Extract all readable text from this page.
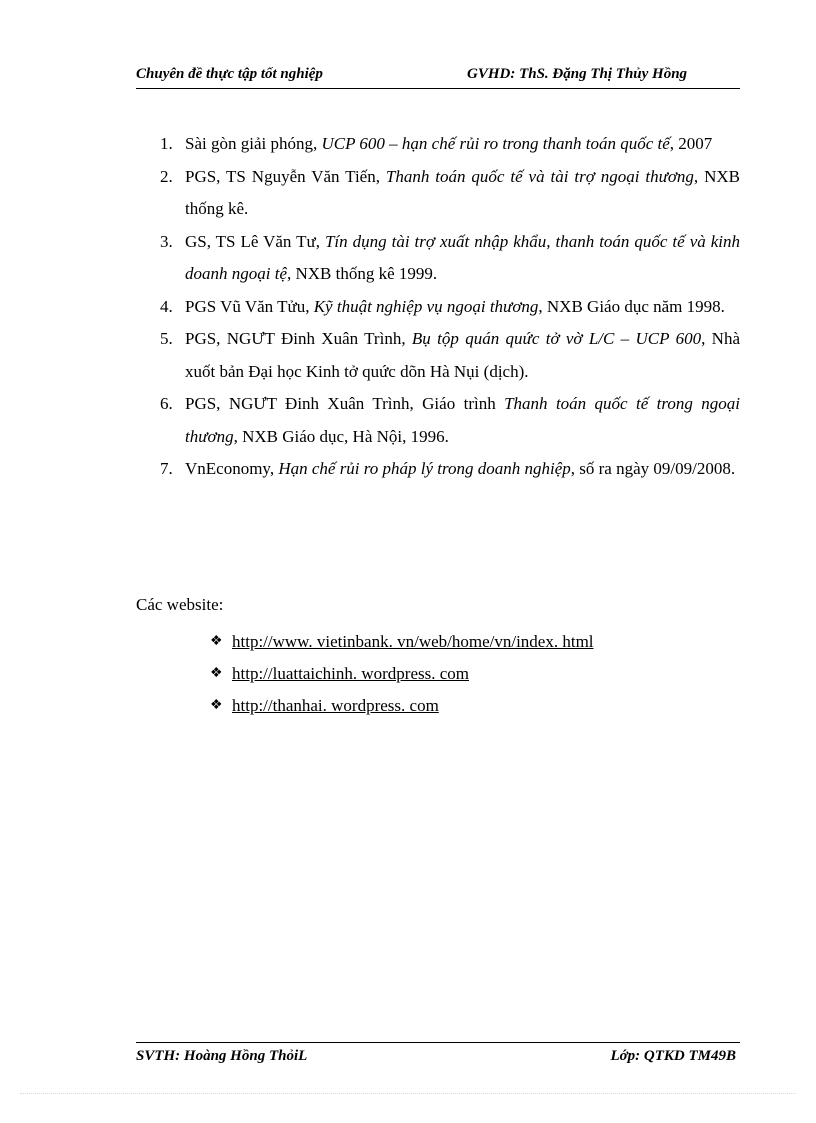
Chuyên đề thực tập tốt nghiệp	GVHD: ThS. Đặng Thị Thủy Hồng
1. Sài gòn giải phóng, UCP 600 – hạn chế rủi ro trong thanh toán quốc tế, 2007
2. PGS, TS Nguyễn Văn Tiến, Thanh toán quốc tế và tài trợ ngoại thương, NXB thống kê.
3. GS, TS Lê Văn Tư, Tín dụng tài trợ xuất nhập khẩu, thanh toán quốc tế và kinh doanh ngoại tệ, NXB thống kê 1999.
4. PGS Vũ Văn Tửu, Kỹ thuật nghiệp vụ ngoại thương, NXB Giáo dục năm 1998.
5. PGS, NGƯT Đinh Xuân Trình, Bụ tộp quán quức tở vờ L/C – UCP 600, Nhà xuốt bản Đại học Kinh tở quức dõn Hà Nụi (dịch).
6. PGS, NGƯT Đinh Xuân Trình, Giáo trình Thanh toán quốc tế trong ngoại thương, NXB Giáo dục, Hà Nội, 1996.
7. VnEconomy, Hạn chế rủi ro pháp lý trong doanh nghiệp, số ra ngày 09/09/2008.
Các website:
❖ http://www. vietinbank. vn/web/home/vn/index. html
❖ http://luattaichinh. wordpress. com
❖ http://thanhai. wordpress. com
SVTH: Hoàng Hồng ThỏiL	Lớp: QTKD TM49B
